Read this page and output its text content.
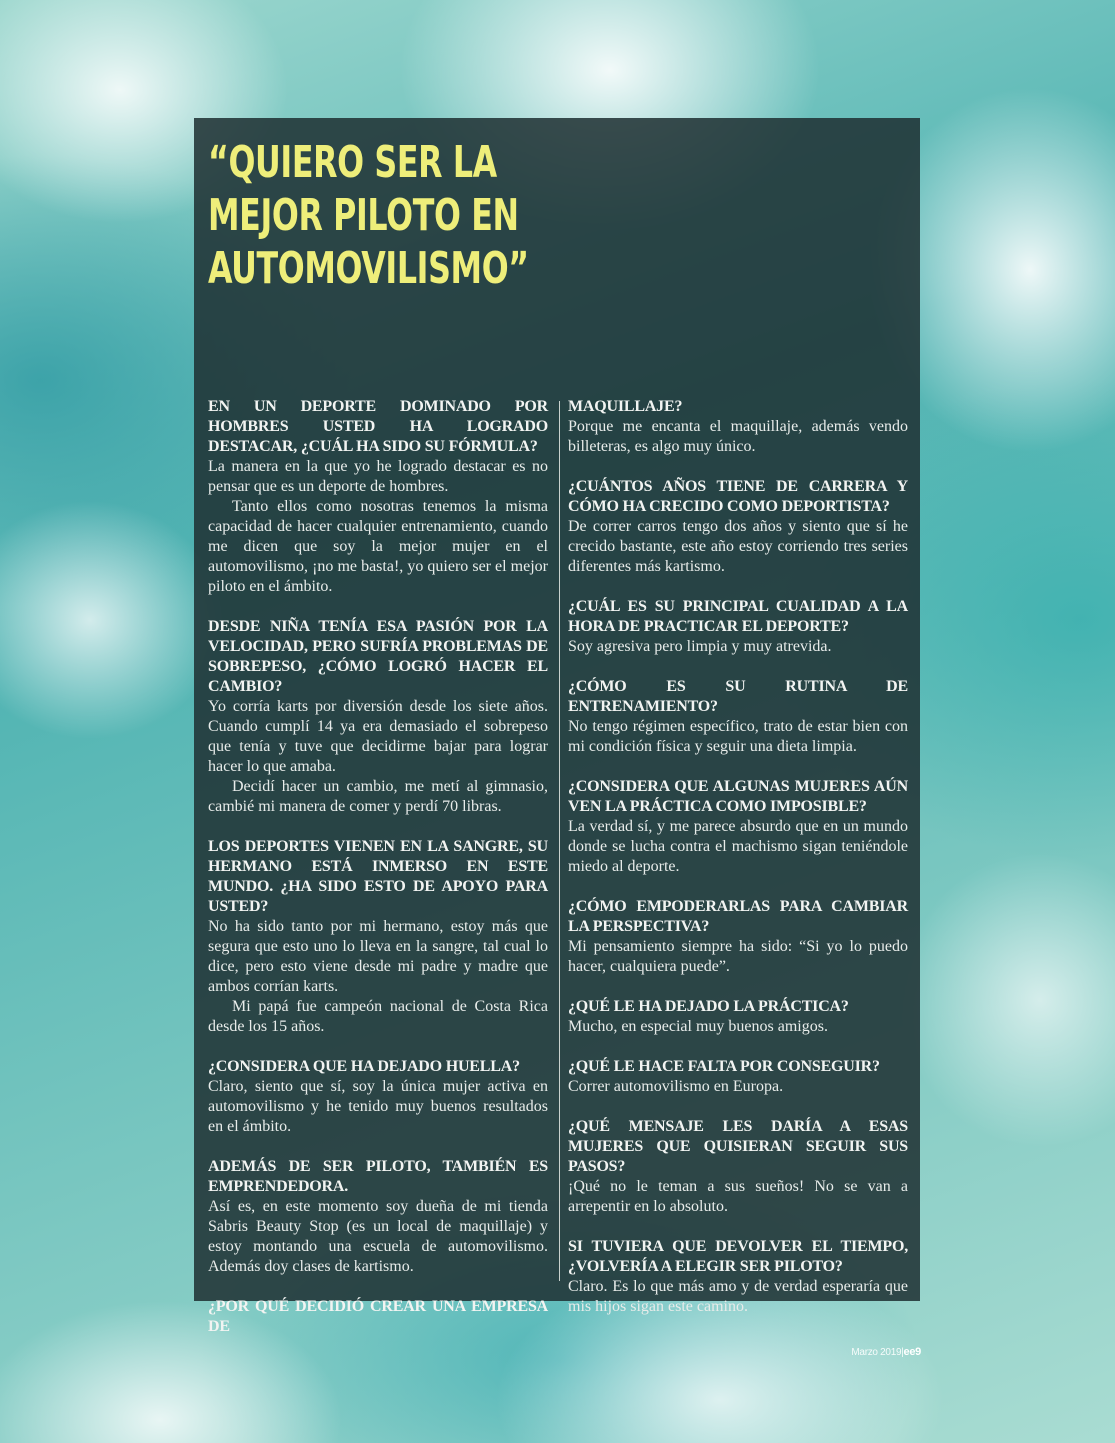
“QUIERO SER LA
MEJOR PILOTO EN
AUTOMOVILISMO”

EN UN DEPORTE DOMINADO POR HOMBRES USTED HA LOGRADO DESTACAR, ¿CUÁL HA SIDO SU FÓRMULA?

La manera en la que yo he logrado destacar es no pensar que es un deporte de hombres.

Tanto ellos como nosotras tenemos la misma capacidad de hacer cualquier entrenamiento, cuando me dicen que soy la mejor mujer en el automovilismo, ¡no me basta!, yo quiero ser el mejor piloto en el ámbito.

DESDE NIÑA TENÍA ESA PASIÓN POR LA VELOCIDAD, PERO SUFRÍA PROBLEMAS DE SOBREPESO, ¿CÓMO LOGRÓ HACER EL CAMBIO?

Yo corría karts por diversión desde los siete años. Cuando cumplí 14 ya era demasiado el sobrepeso que tenía y tuve que decidirme bajar para lograr hacer lo que amaba.

Decidí hacer un cambio, me metí al gimnasio, cambié mi manera de comer y perdí 70 libras.

LOS DEPORTES VIENEN EN LA SANGRE, SU HERMANO ESTÁ INMERSO EN ESTE MUNDO. ¿HA SIDO ESTO DE APOYO PARA USTED?

No ha sido tanto por mi hermano, estoy más que segura que esto uno lo lleva en la sangre, tal cual lo dice, pero esto viene desde mi padre y madre que ambos corrían karts.

Mi papá fue campeón nacional de Costa Rica desde los 15 años.

¿CONSIDERA QUE HA DEJADO HUELLA?

Claro, siento que sí, soy la única mujer activa en automovilismo y he tenido muy buenos resultados en el ámbito.

ADEMÁS DE SER PILOTO, TAMBIÉN ES EMPRENDEDORA.

Así es, en este momento soy dueña de mi tienda Sabris Beauty Stop (es un local de maquillaje) y estoy montando una escuela de automovilismo. Además doy clases de kartismo.

¿POR QUÉ DECIDIÓ CREAR UNA EMPRESA DE

MAQUILLAJE?

Porque me encanta el maquillaje, además vendo billeteras, es algo muy único.

¿CUÁNTOS AÑOS TIENE DE CARRERA Y CÓMO HA CRECIDO COMO DEPORTISTA?

De correr carros tengo dos años y siento que sí he crecido bastante, este año estoy corriendo tres series diferentes más kartismo.

¿CUÁL ES SU PRINCIPAL CUALIDAD A LA HORA DE PRACTICAR EL DEPORTE?

Soy agresiva pero limpia y muy atrevida.

¿CÓMO ES SU RUTINA DE ENTRENAMIENTO?

No tengo régimen específico, trato de estar bien con mi condición física y seguir una dieta limpia.

¿CONSIDERA QUE ALGUNAS MUJERES AÚN VEN LA PRÁCTICA COMO IMPOSIBLE?

La verdad sí, y me parece absurdo que en un mundo donde se lucha contra el machismo sigan teniéndole miedo al deporte.

¿CÓMO EMPODERARLAS PARA CAMBIAR LA PERSPECTIVA?

Mi pensamiento siempre ha sido: “Si yo lo puedo hacer, cualquiera puede”.

¿QUÉ LE HA DEJADO LA PRÁCTICA?

Mucho, en especial muy buenos amigos.

¿QUÉ LE HACE FALTA POR CONSEGUIR?

Correr automovilismo en Europa.

¿QUÉ MENSAJE LES DARÍA A ESAS MUJERES QUE QUISIERAN SEGUIR SUS PASOS?

¡Qué no le teman a sus sueños! No se van a arrepentir en lo absoluto.

SI TUVIERA QUE DEVOLVER EL TIEMPO, ¿VOLVERÍA A ELEGIR SER PILOTO?

Claro. Es lo que más amo y de verdad esperaría que mis hijos sigan este camino.

Marzo 2019|ee9
